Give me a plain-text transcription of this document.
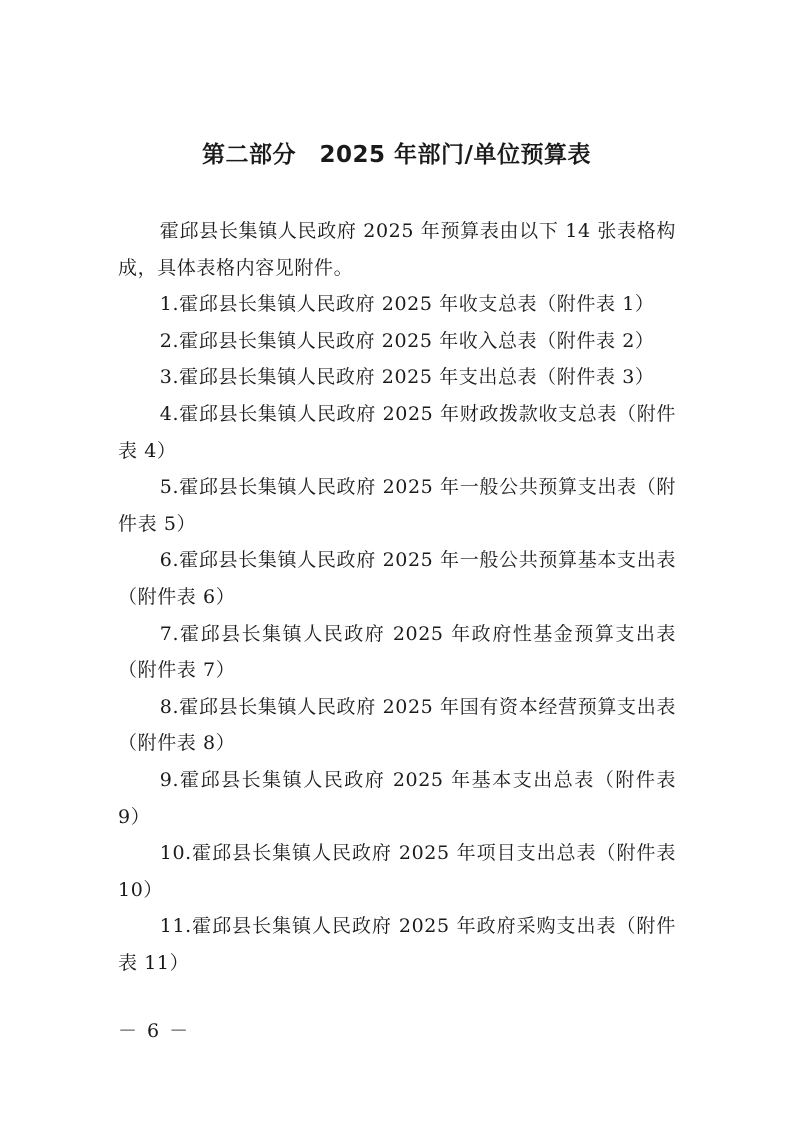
第二部分　2025 年部门/单位预算表

霍邱县长集镇人民政府 2025 年预算表由以下 14 张表格构成，具体表格内容见附件。

1.霍邱县长集镇人民政府 2025 年收支总表（附件表 1）

2.霍邱县长集镇人民政府 2025 年收入总表（附件表 2）

3.霍邱县长集镇人民政府 2025 年支出总表（附件表 3）

4.霍邱县长集镇人民政府 2025 年财政拨款收支总表（附件表 4）

5.霍邱县长集镇人民政府 2025 年一般公共预算支出表（附件表 5）

6.霍邱县长集镇人民政府 2025 年一般公共预算基本支出表（附件表 6）

7.霍邱县长集镇人民政府 2025 年政府性基金预算支出表（附件表 7）

8.霍邱县长集镇人民政府 2025 年国有资本经营预算支出表（附件表 8）

9.霍邱县长集镇人民政府 2025 年基本支出总表（附件表 9）

10.霍邱县长集镇人民政府 2025 年项目支出总表（附件表 10）

11.霍邱县长集镇人民政府 2025 年政府采购支出表（附件表 11）

－ 6 －
